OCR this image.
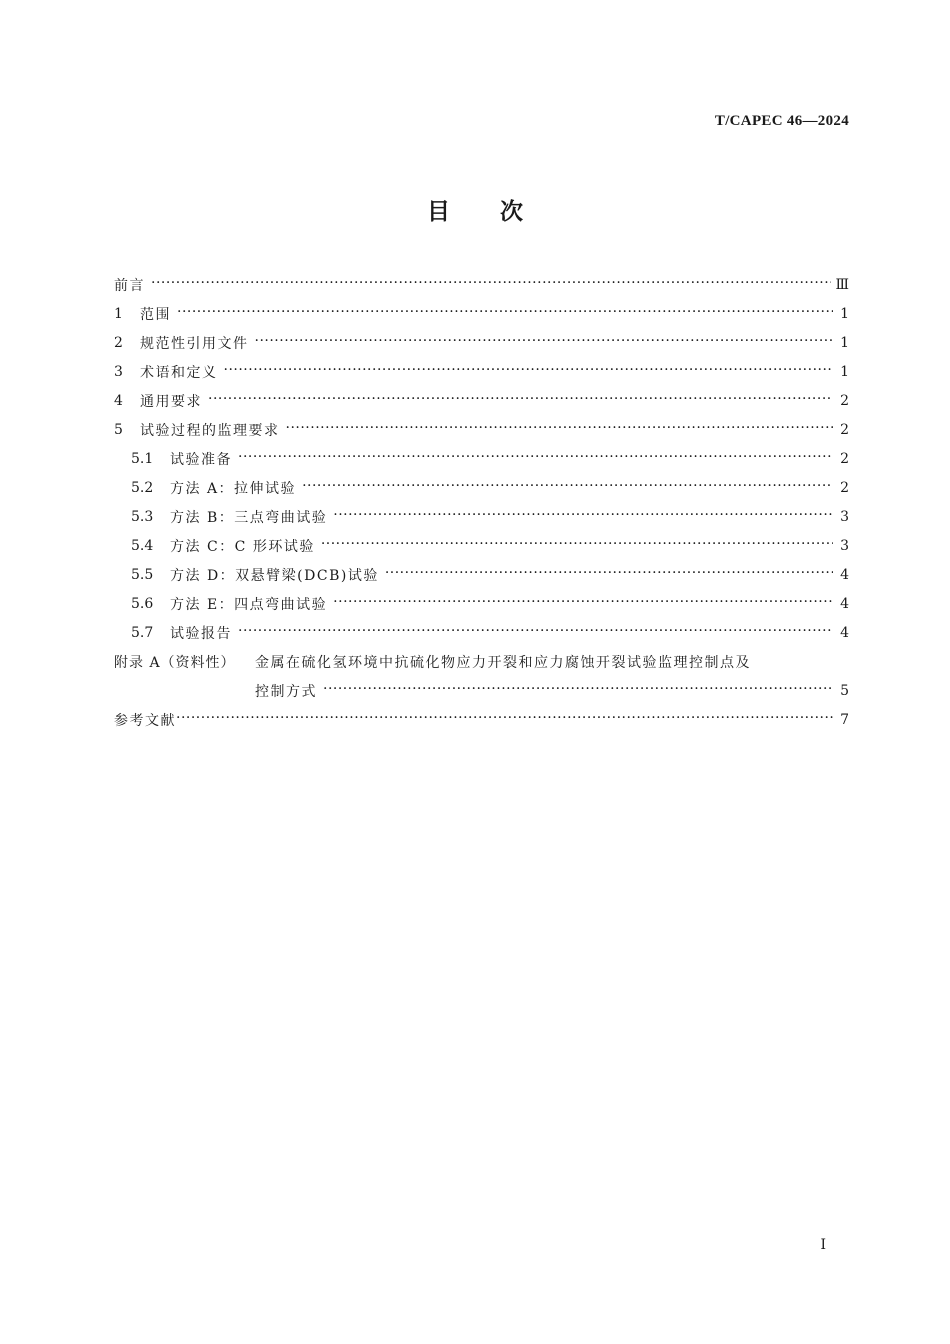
T/CAPEC 46—2024
目次
前言 ·····	Ⅲ
1	范围 ·····	1
2	规范性引用文件 ·····	1
3	术语和定义 ·····	1
4	通用要求 ·····	2
5	试验过程的监理要求 ·····	2
5.1	试验准备 ·····	2
5.2	方法 A：拉伸试验 ·····	2
5.3	方法 B：三点弯曲试验 ·····	3
5.4	方法 C：C 形环试验 ·····	3
5.5	方法 D：双悬臂梁(DCB)试验 ·····	4
5.6	方法 E：四点弯曲试验 ·····	4
5.7	试验报告 ·····	4
附录 A（资料性）	金属在硫化氢环境中抗硫化物应力开裂和应力腐蚀开裂试验监理控制点及
控制方式 ·····	5
参考文献 ·····	7
Ⅰ
